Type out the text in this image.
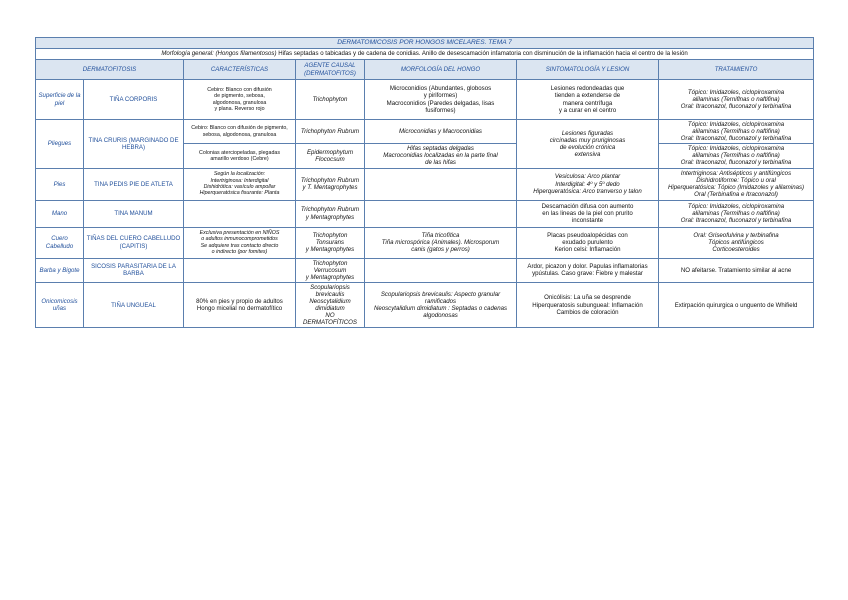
DERMATOMICOSIS POR HONGOS MICELARES. TEMA 7						
Morfología general: (Hongos filamentosos) Hifas septadas o tabicadas y de cadena de conidias. Anillo de desescamación infamatoria con disminución de la inflamación hacia el centro de la lesión						
DERMATOFITOSIS		CARACTERÍSTICAS	AGENTE CAUSAL (DERMATOFITOS)	MORFOLOGÍA DEL HONGO	SINTOMATOLOGÍA Y LESION	TRATAMIENTO
Superficie de la piel	TIÑA CORPORIS	Cebiro: Blanco con difusión
de pigmento, sebosa,
algodonosa, granulosa
y plana. Reverso rojo	Trichophyton	Microconidios (Abundantes, globosos
y piriformes)
Macroconidios (Paredes delgadas, lisas
fusiformes)	Lesiones redondeadas que
tienden a extenderse de
manera centrífuga
y a curar en el centro	Tópico: Imidazoles, ciclopiroxamina
alilaminas (Terniflnas o naftifina)
Oral: Itraconazol, fluconazol y terbinafina

Pliegues	TINA CRURIS (MARGINADO DE HEBRA)	Cebiro: Blanco con difusión de pigmento,
sebosa, algodonosa, granulosa	Trichophyton Rubrum	Microconidias y Macroconidias	Lesiones figuradas
circinadas muy pruriginosas
de evolución crónica
extensiva	Tópico: Imidazoles, ciclopiroxamina
alilaminas (Termifnas o naftifina)
Oral: Itraconazol, fluconazol y terbinafina

		Colonias aterciopeladas, plegadas
amarillo verdoso (Cebre)	Epidermophytum
Flococsum	Hifas septadas delgadas
Macroconidias localizadas en la parte final
de las hifas		Tópico: Imidazoles, ciclopiroxamina
alilaminas (Termifnas o naftifina)
Oral: Itraconazol, fluconazol y terbinafina

Pies	TINA PEDIS PIE DE ATLETA	Según la localización:
Intertriginosa: Interdigital
Dishidrótica: vasículo ampollar
Hiperqueratósica fisurante: Planta	Trichophyton Rubrum
y T. Mentagrophytes		Vesiculosa: Arco plantar
Interdigital: 4º y 5º dedo
Hiperqueratósica: Arco tranverso y talon	Intertriginosa: Antisépticos y antifúngicos
Dishidrotiforme: Tópico u oral
Hiperqueratósica: Tópico (Imidazoles y alilaminas)
Oral (Terbinafina e Itraconazol)

Mano	TINA MANUM		Trichophyton Rubrum
y Mentagrophytes		Descamación difusa con aumento
en las lineas de la piel con prurito
inconstante	Tópico: Imidazoles, ciclopiroxamina
alilaminas (Termifnas o naftifina)
Oral: Itraconazol, fluconazol y terbinafina

Cuero Cabelludo	TIÑAS DEL CUERO CABELLUDO (CAPITIS)	Exclusiva presentación en NIÑOS
o adultos inmunocomprometidos
Se adquiere tras contacto directo
o indirecto (por fomites)	Trichophyton Tonsurans
y Mentagrophytes	Tiña tricofítica
Tiña microspórica (Animales). Microsporum
canis (gatos y perros)	Placas pseudoalopécidas con
exudado purulento
Kerion celsi: Inflamación	Oral: Griseofulvina y terbinafina
Tópicos antifúngicos
Corticoesteroides

Barba y Bigote	SICOSIS PARASITARIA DE LA BARBA		Trichophyton Verrucosum
y Mentagrophytes		Ardor, picazon y dolor. Papulas inflamatorias
ypústulas. Caso grave: Fiebre y malestar	NO afeitarse. Tratamiento similar al acne

Onicomicosis uñas	TIÑA UNGUEAL	80% en pies y propio de adultos
Hongo micelial no dermatofítico	Scopulariopsis brevicaulis
Neoscytalidium dimidiatum
NO
DERMATOFÍTICOS	Scopulariopsis brevicaulis: Aspecto granular
ramificados
Neoscytalidium dimidiatum : Septadas o cadenas
algodonosas	Onicólisis: La uña se desprende
Hiperqueratosis subungueal: Inflamación
Cambios de coloración	Extirpación quirurgica o unguento de Whifield
